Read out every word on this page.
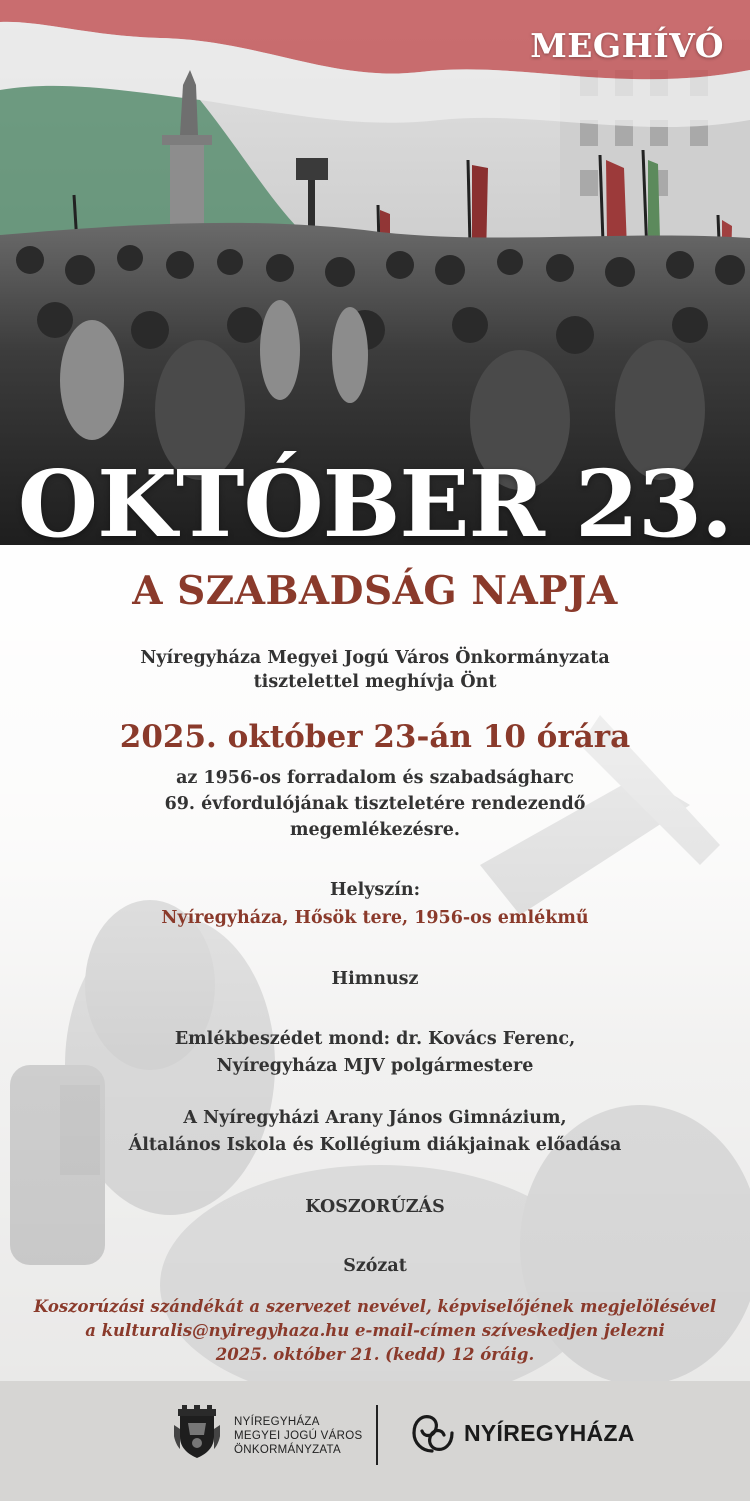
MEGHÍVÓ
OKTÓBER 23.
A SZABADSÁG NAPJA
Nyíregyháza Megyei Jogú Város Önkormányzata
tisztelettel meghívja Önt
2025. október 23-án 10 órára
az 1956-os forradalom és szabadságharc
69. évfordulójának tiszteletére rendezendő
megemlékezésre.
Helyszín:
Nyíregyháza, Hősök tere, 1956-os emlékmű
Himnusz
Emlékbeszédet mond: dr. Kovács Ferenc,
Nyíregyháza MJV polgármestere
A Nyíregyházi Arany János Gimnázium,
Általános Iskola és Kollégium diákjainak előadása
KOSZORÚZÁS
Szózat
Koszorúzási szándékát a szervezet nevével, képviselőjének megjelölésével
a kulturalis@nyiregyhaza.hu e-mail-címen szíveskedjen jelezni
2025. október 21. (kedd) 12 óráig.
NYÍREGYHÁZA
MEGYEI JOGÚ VÁROS
ÖNKORMÁNYZATA
NYÍREGYHÁZA
